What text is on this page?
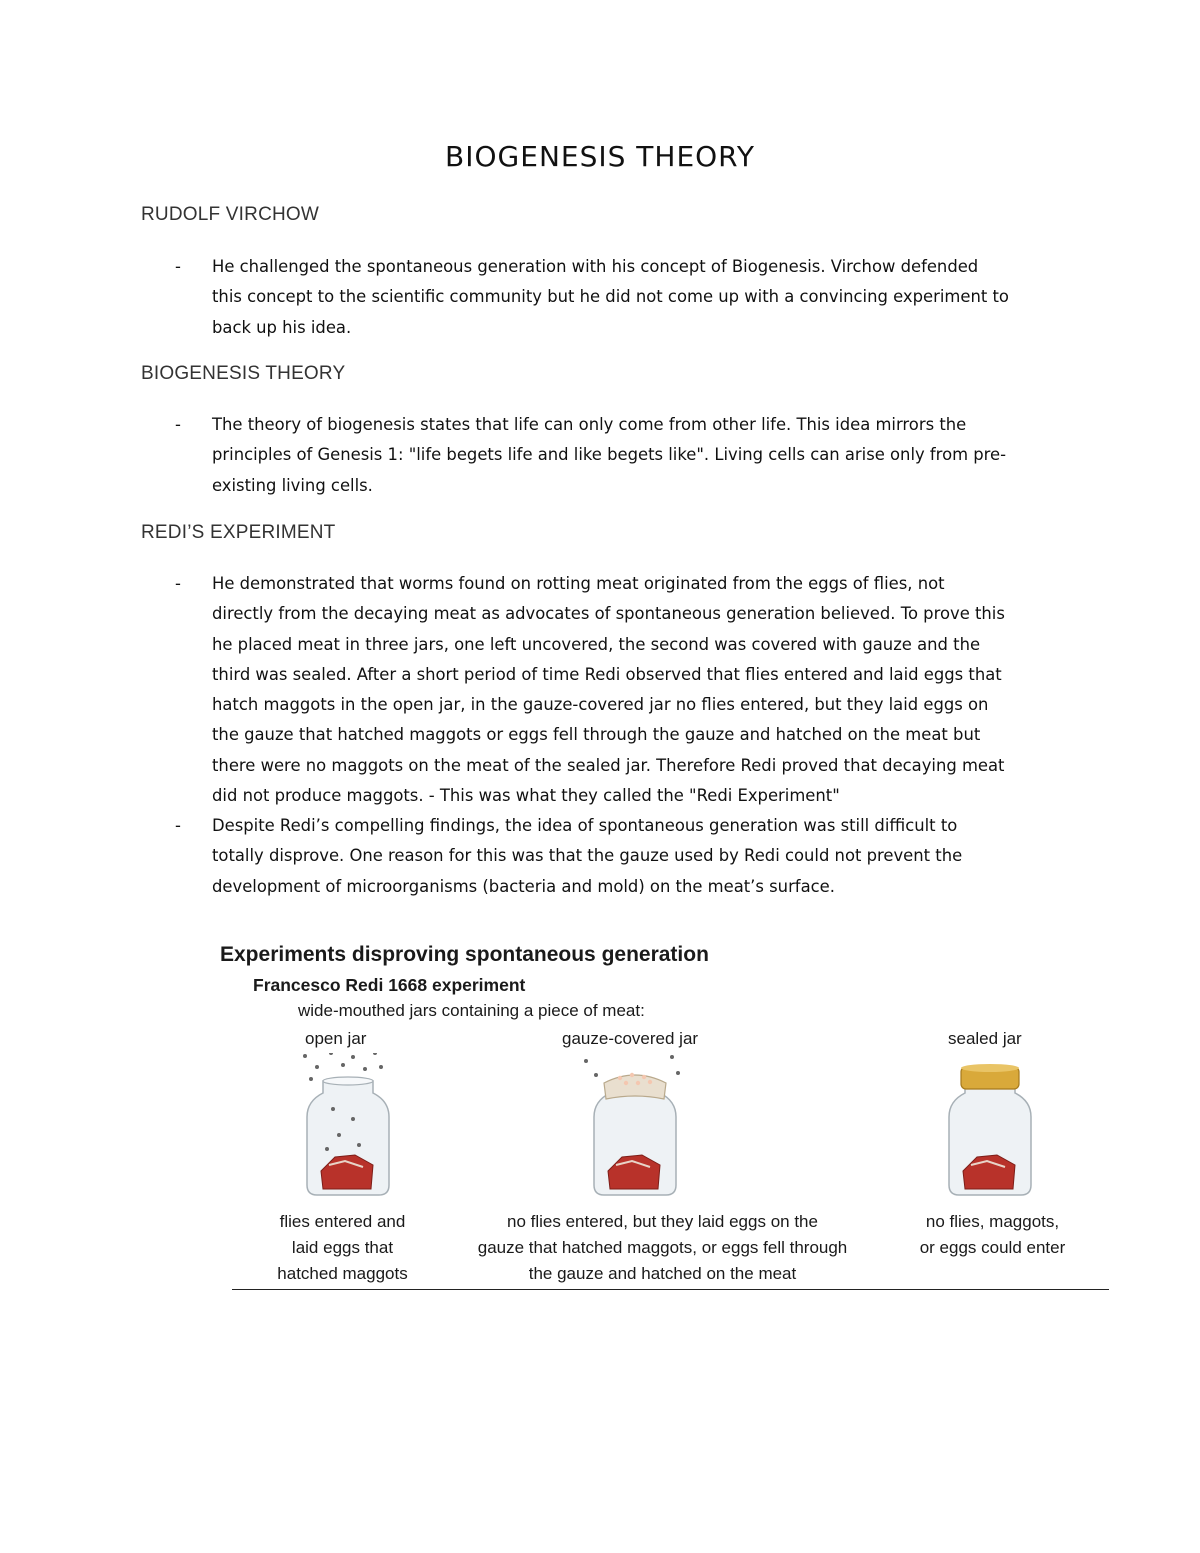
BIOGENESIS THEORY
RUDOLF VIRCHOW
- He challenged the spontaneous generation with his concept of Biogenesis. Virchow defended
this concept to the scientific community but he did not come up with a convincing experiment to
back up his idea.
BIOGENESIS THEORY
- The theory of biogenesis states that life can only come from other life. This idea mirrors the
principles of Genesis 1: "life begets life and like begets like". Living cells can arise only from pre-
existing living cells.
REDI’S EXPERIMENT
- He demonstrated that worms found on rotting meat originated from the eggs of flies, not
directly from the decaying meat as advocates of spontaneous generation believed. To prove this
he placed meat in three jars, one left uncovered, the second was covered with gauze and the
third was sealed. After a short period of time Redi observed that flies entered and laid eggs that
hatch maggots in the open jar, in the gauze-covered jar no flies entered, but they laid eggs on
the gauze that hatched maggots or eggs fell through the gauze and hatched on the meat but
there were no maggots on the meat of the sealed jar. Therefore Redi proved that decaying meat
did not produce maggots. - This was what they called the "Redi Experiment"
- Despite Redi’s compelling findings, the idea of spontaneous generation was still difficult to
totally disprove. One reason for this was that the gauze used by Redi could not prevent the
development of microorganisms (bacteria and mold) on the meat’s surface.
Experiments disproving spontaneous generation
Francesco Redi 1668 experiment
wide-mouthed jars containing a piece of meat:
open jar	gauze-covered jar	sealed jar
flies entered and
laid eggs that
hatched maggots
no flies entered, but they laid eggs on the
gauze that hatched maggots, or eggs fell through
the gauze and hatched on the meat
no flies, maggots,
or eggs could enter
